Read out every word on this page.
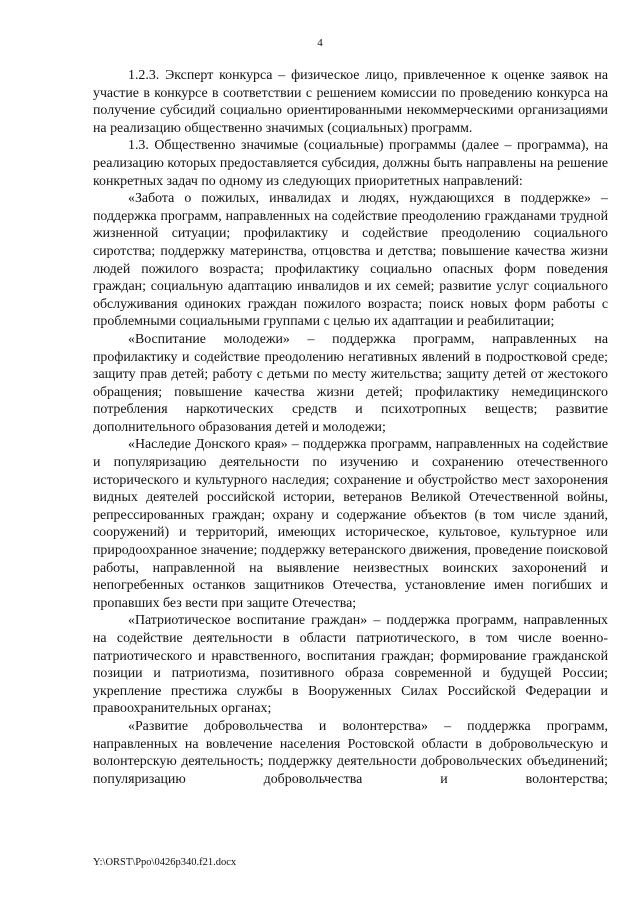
4

1.2.3. Эксперт конкурса – физическое лицо, привлеченное к оценке заявок на участие в конкурсе в соответствии с решением комиссии по проведению конкурса на получение субсидий социально ориентированными некоммерческими организациями на реализацию общественно значимых (социальных) программ.

1.3. Общественно значимые (социальные) программы (далее – программа), на реализацию которых предоставляется субсидия, должны быть направлены на решение конкретных задач по одному из следующих приоритетных направлений:

«Забота о пожилых, инвалидах и людях, нуждающихся в поддержке» – поддержка программ, направленных на содействие преодолению гражданами трудной жизненной ситуации; профилактику и содействие преодолению социального сиротства; поддержку материнства, отцовства и детства; повышение качества жизни людей пожилого возраста; профилактику социально опасных форм поведения граждан; социальную адаптацию инвалидов и их семей; развитие услуг социального обслуживания одиноких граждан пожилого возраста; поиск новых форм работы с проблемными социальными группами с целью их адаптации и реабилитации;

«Воспитание молодежи» – поддержка программ, направленных на профилактику и содействие преодолению негативных явлений в подростковой среде; защиту прав детей; работу с детьми по месту жительства; защиту детей от жестокого обращения; повышение качества жизни детей; профилактику немедицинского потребления наркотических средств и психотропных веществ; развитие дополнительного образования детей и молодежи;

«Наследие Донского края» – поддержка программ, направленных на содействие и популяризацию деятельности по изучению и сохранению отечественного исторического и культурного наследия; сохранение и обустройство мест захоронения видных деятелей российской истории, ветеранов Великой Отечественной войны, репрессированных граждан; охрану и содержание объектов (в том числе зданий, сооружений) и территорий, имеющих историческое, культовое, культурное или природоохранное значение; поддержку ветеранского движения, проведение поисковой работы, направленной на выявление неизвестных воинских захоронений и непогребенных останков защитников Отечества, установление имен погибших и пропавших без вести при защите Отечества;

«Патриотическое воспитание граждан» – поддержка программ, направленных на содействие деятельности в области патриотического, в том числе военно-патриотического и нравственного, воспитания граждан; формирование гражданской позиции и патриотизма, позитивного образа современной и будущей России; укрепление престижа службы в Вооруженных Силах Российской Федерации и правоохранительных органах;

«Развитие добровольчества и волонтерства» – поддержка программ, направленных на вовлечение населения Ростовской области в добровольческую и волонтерскую деятельность; поддержку деятельности добровольческих объединений; популяризацию добровольчества и волонтерства;

Y:\ORST\Ppo\0426p340.f21.docx
